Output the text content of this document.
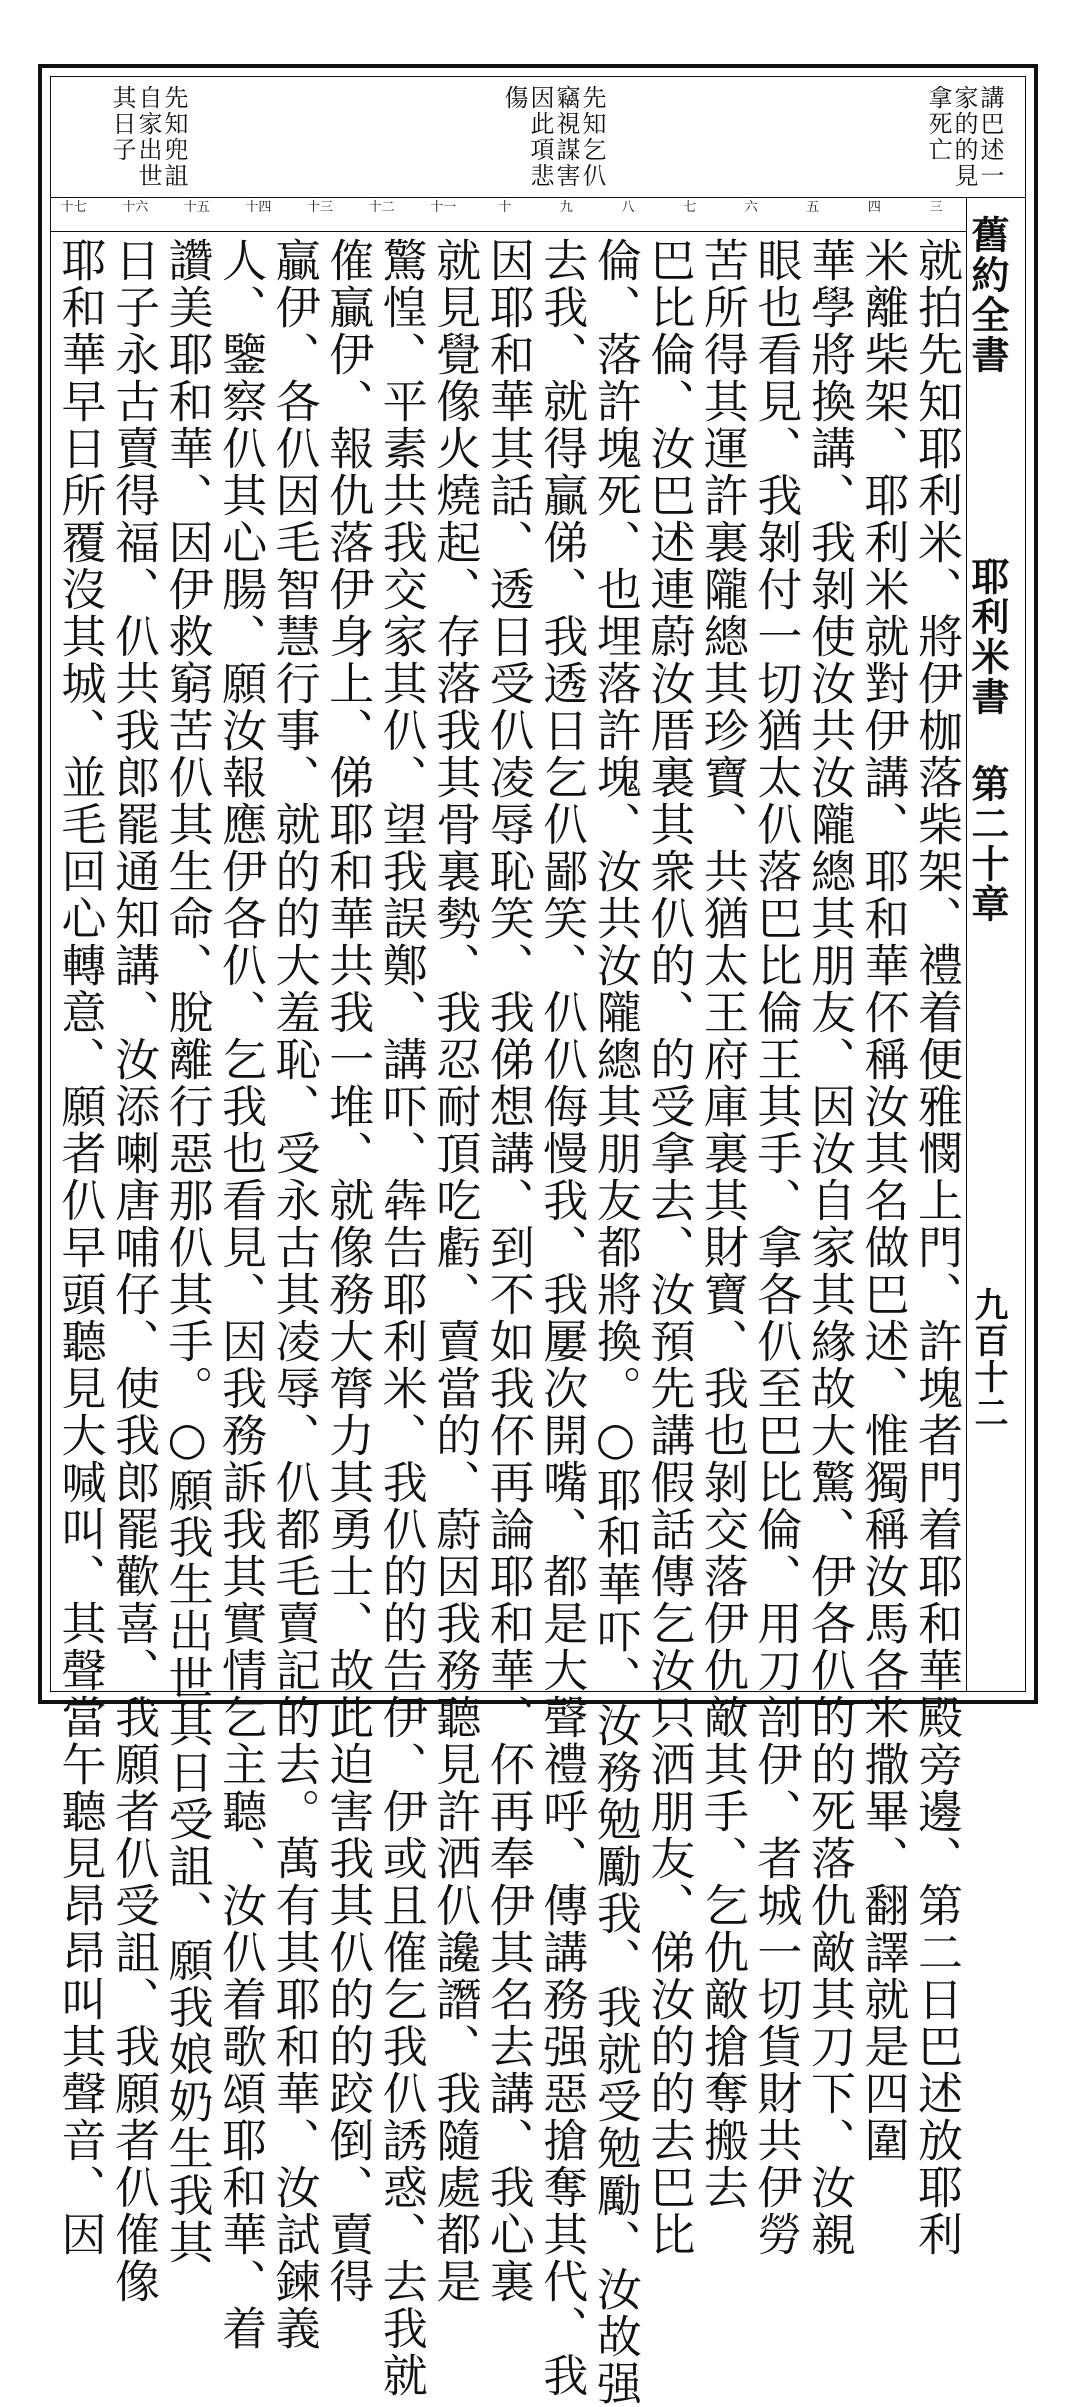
講巴述一家的的見拿死亡
先知乞仈竊視謀害因此項悲傷
先知兜詛自家出世其日子
舊約全書
耶利米書 第二十章
九百十二
三
四
五
六
七
八
九
十
十一
十二
十三
十四
十五
十六
十七
就拍先知耶利米、將伊枷落柴架、禮着便雅憫上門、許塊者門着耶和華殿旁邊、第二日巴述放耶利
米離柴架、耶利米就對伊講、耶和華伓稱汝其名做巴述、惟獨稱汝馬各米撒畢、翻譯就是四圍
華學將換講、我剝使汝共汝隴總其朋友、因汝自家其緣故大驚、伊各仈的的死落仇敵其刀下、汝親
眼也看見、我剝付一切猶太仈落巴比倫王其手、拿各仈至巴比倫、用刀剖伊、者城一切貨財共伊勞
苦所得其運許裏隴總其珍寶、共猶太王府庫裏其財寶、我也剝交落伊仇敵其手、乞仇敵搶奪搬去
巴比倫、汝巴述連蔚汝厝裏其衆仈的、的受拿去、汝預先講假話傳乞汝只洒朋友、俤汝的的去巴比
倫、落許塊死、也埋落許塊、汝共汝隴總其朋友都將換。○耶和華吓、汝務勉勵我、我就受勉勵、汝故强
去我、就得贏俤、我透日乞仈鄙笑、仈仈侮慢我、我屢次開嘴、都是大聲禮呼、傳講務强惡搶奪其代、我
因耶和華其話、透日受仈凌辱恥笑、我俤想講、到不如我伓再論耶和華、伓再奉伊其名去講、我心裏
就見覺像火燒起、存落我其骨裏勢、我忍耐頂吃虧、賣當的、蔚因我務聽見許洒仈讒譖、我隨處都是
驚惶、平素共我交家其仈、望我誤鄭、講吓、犇告耶利米、我仈的的告伊、伊或且傕乞我仈誘惑、去我就
傕贏伊、報仇落伊身上、俤耶和華共我一堆、就像務大膂力其勇士、故此迫害我其仈的的跤倒、賣得
贏伊、各仈因毛智慧行事、就的的大羞恥、受永古其凌辱、仈都毛賣記的去。萬有其耶和華、汝試鍊義
人、鑒察仈其心腸、願汝報應伊各仈、乞我也看見、因我務訴我其實情乞主聽、汝仈着歌頌耶和華、着
讚美耶和華、因伊救窮苦仈其生命、脫離行惡那仈其手。○願我生出世其日受詛、願我娘奶生我其
日子永古賣得福、仈共我郎罷通知講、汝添喇唐哺仔、使我郎罷歡喜、我願者仈受詛、我願者仈傕像
耶和華早日所覆沒其城、並毛回心轉意、願者仈早頭聽見大喊叫、其聲當午聽見昂昂叫其聲音、因
